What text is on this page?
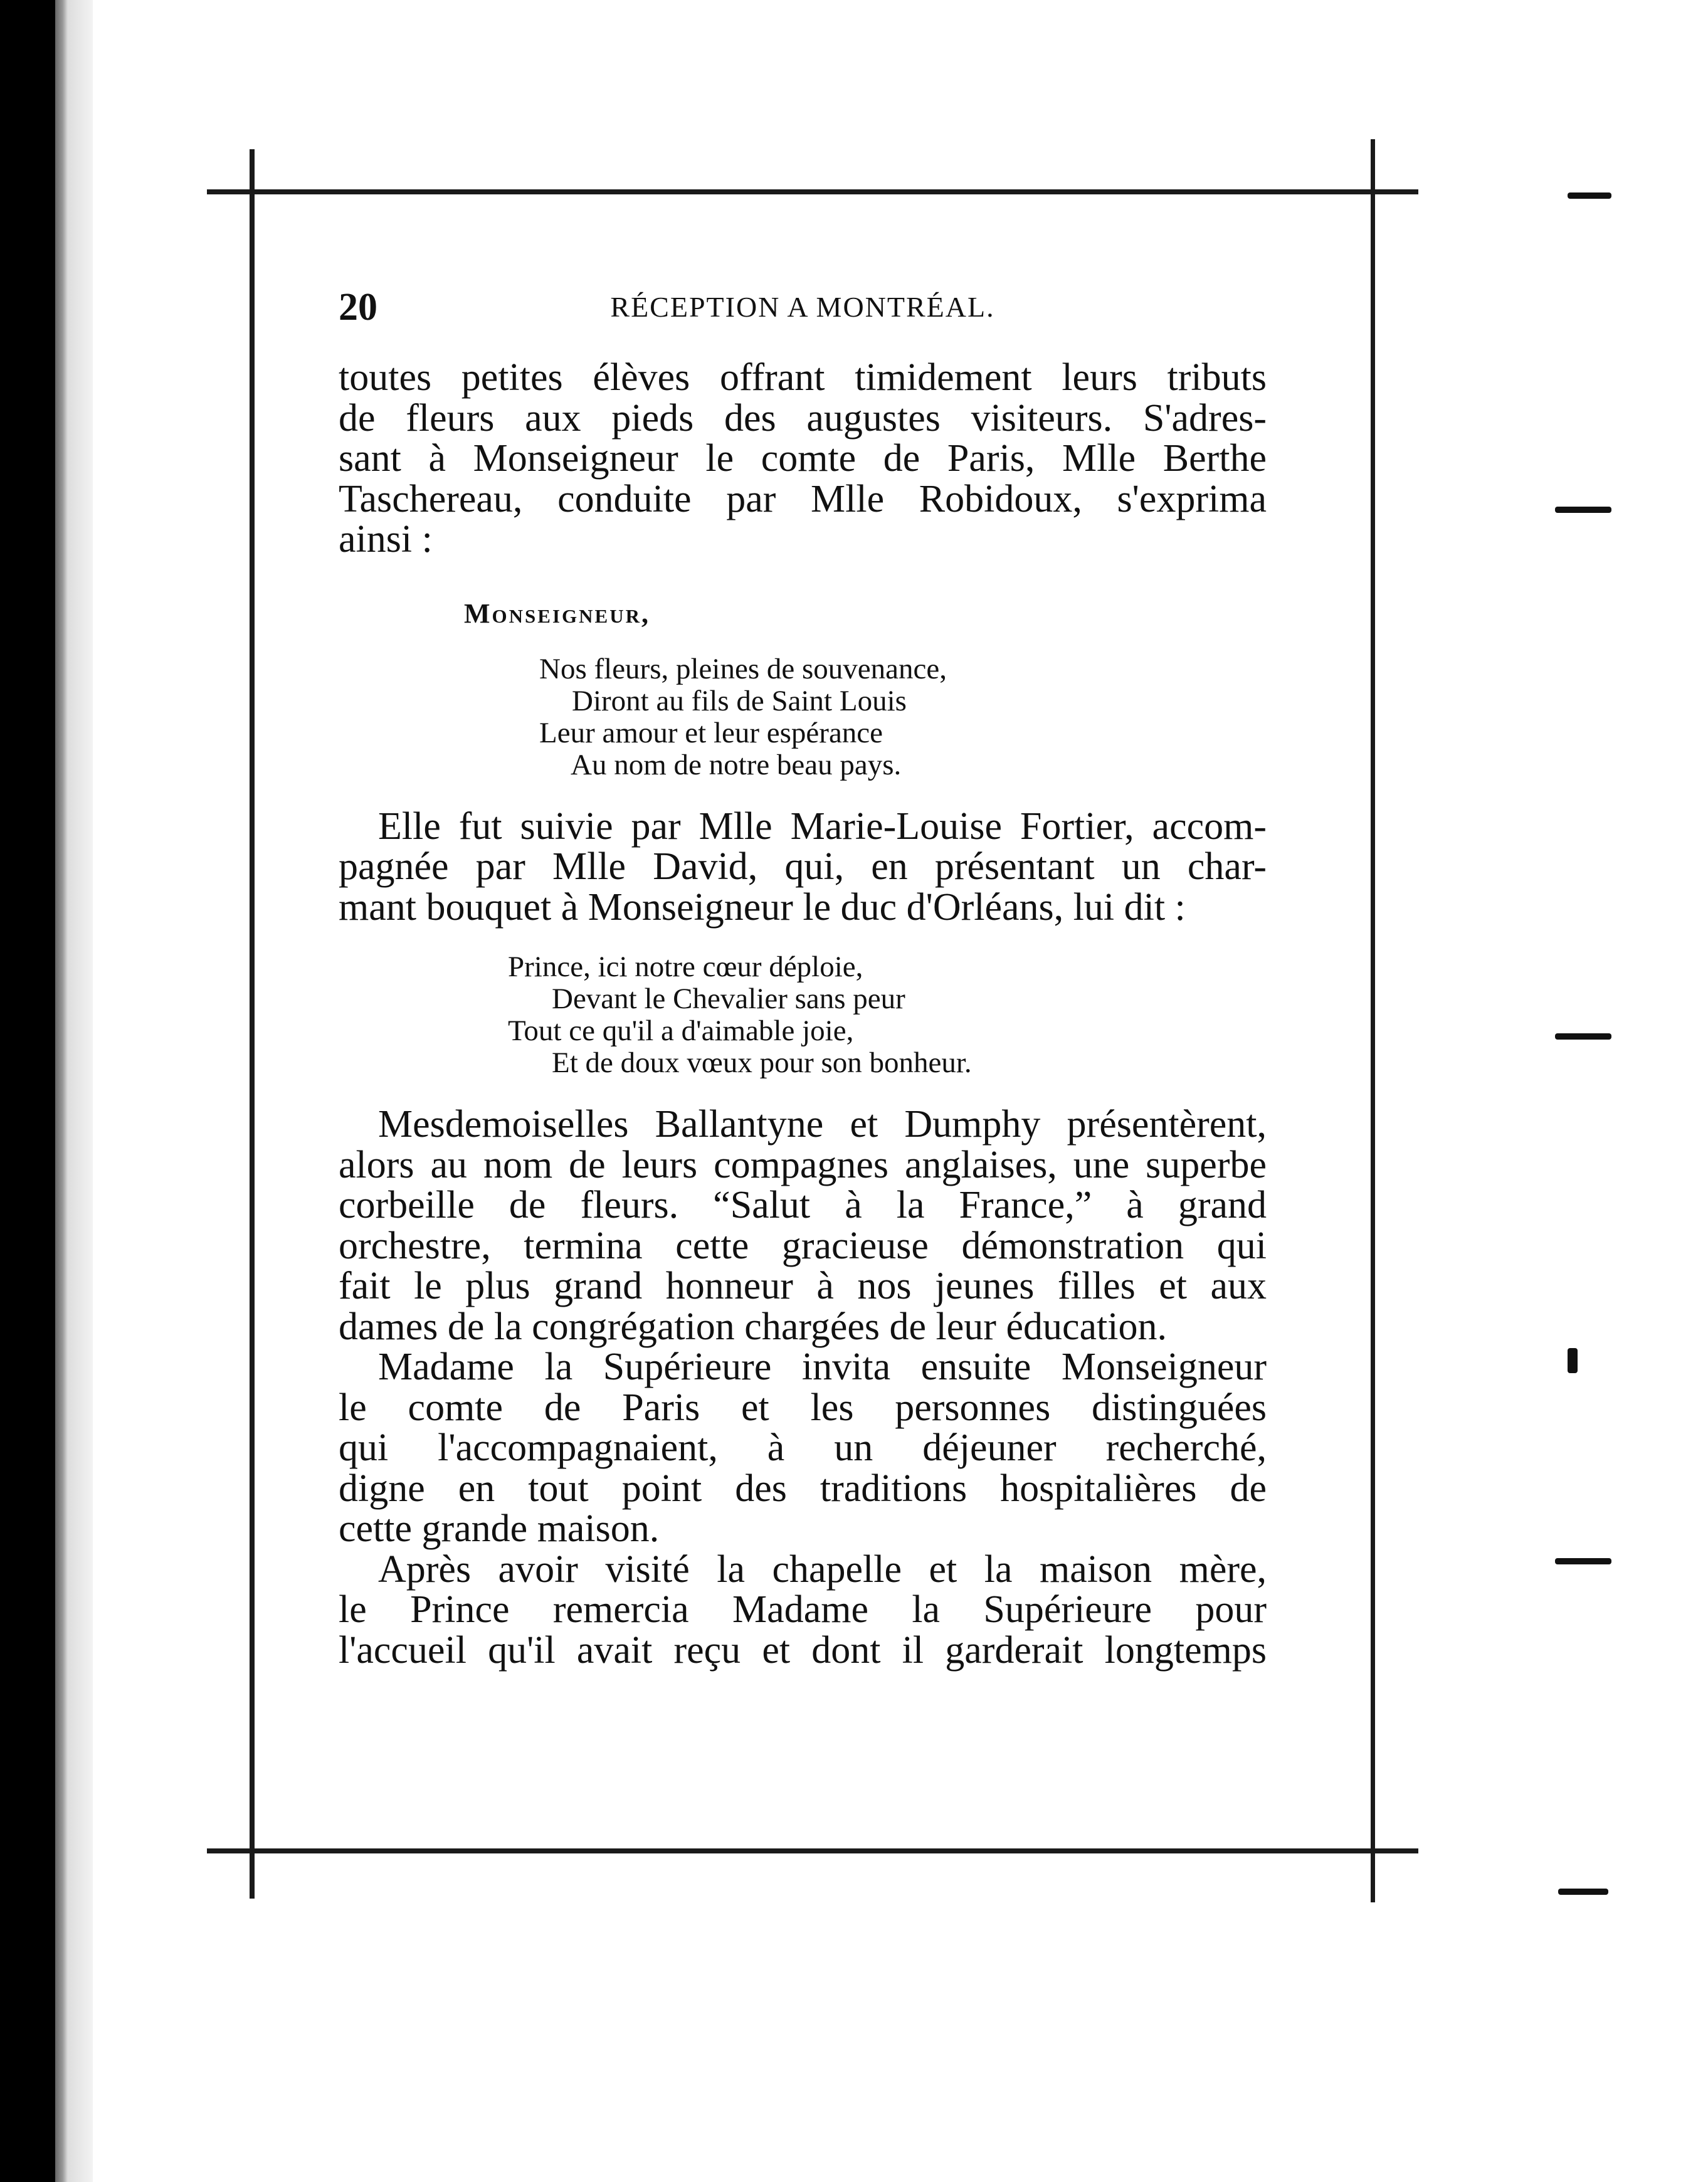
20	RÉCEPTION A MONTRÉAL.

toutes petites élèves offrant timidement leurs tributs
de fleurs aux pieds des augustes visiteurs. S'adres-
sant à Monseigneur le comte de Paris, Mlle Berthe
Taschereau, conduite par Mlle Robidoux, s'exprima
ainsi :

Monseigneur,

Nos fleurs, pleines de souvenance,
Diront au fils de Saint Louis
Leur amour et leur espérance
Au nom de notre beau pays.

Elle fut suivie par Mlle Marie-Louise Fortier, accom-
pagnée par Mlle David, qui, en présentant un char-
mant bouquet à Monseigneur le duc d'Orléans, lui dit :

Prince, ici notre cœur déploie,
Devant le Chevalier sans peur
Tout ce qu'il a d'aimable joie,
Et de doux vœux pour son bonheur.

Mesdemoiselles Ballantyne et Dumphy présentèrent,
alors au nom de leurs compagnes anglaises, une superbe
corbeille de fleurs. “Salut à la France,” à grand
orchestre, termina cette gracieuse démonstration qui
fait le plus grand honneur à nos jeunes filles et aux
dames de la congrégation chargées de leur éducation.

Madame la Supérieure invita ensuite Monseigneur
le comte de Paris et les personnes distinguées
qui l'accompagnaient, à un déjeuner recherché,
digne en tout point des traditions hospitalières de
cette grande maison.

Après avoir visité la chapelle et la maison mère,
le Prince remercia Madame la Supérieure pour
l'accueil qu'il avait reçu et dont il garderait longtemps
